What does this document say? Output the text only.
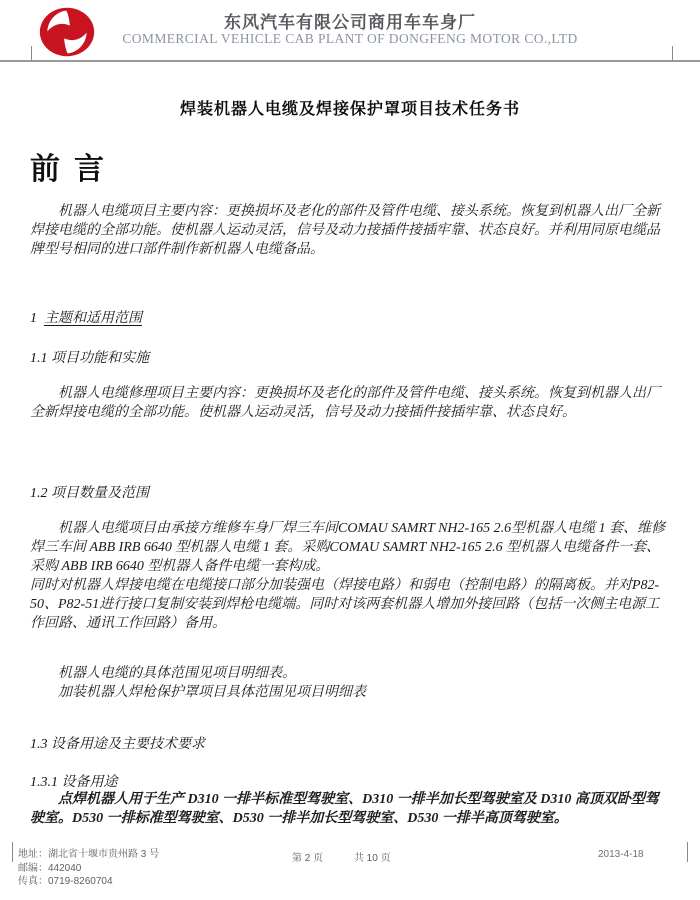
东风汽车有限公司商用车车身厂
COMMERCIAL VEHICLE CAB PLANT OF DONGFENG MOTOR CO.,LTD
焊装机器人电缆及焊接保护罩项目技术任务书
前言

机器人电缆项目主要内容：更换损坏及老化的部件及管件电缆、接头系统。恢复到机器人出厂全新焊接电缆的全部功能。使机器人运动灵活，信号及动力接插件接插牢靠、状态良好。并利用同原电缆品牌型号相同的进口部件制作新机器人电缆备品。

1 主题和适用范围
1.1 项目功能和实施

机器人电缆修理项目主要内容：更换损坏及老化的部件及管件电缆、接头系统。恢复到机器人出厂全新焊接电缆的全部功能。使机器人运动灵活，信号及动力接插件接插牢靠、状态良好。

1.2 项目数量及范围

机器人电缆项目由承接方维修车身厂焊三车间COMAU SAMRT NH2-165 2.6型机器人电缆 1 套、维修焊三车间 ABB IRB 6640 型机器人电缆 1 套。采购COMAU SAMRT NH2-165 2.6 型机器人电缆备件一套、采购 ABB IRB 6640 型机器人备件电缆一套构成。

同时对机器人焊接电缆在电缆接口部分加装强电（焊接电路）和弱电（控制电路）的隔离板。并对P82-50、P82-51进行接口复制安装到焊枪电缆端。同时对该两套机器人增加外接回路（包括一次侧主电源工作回路、通讯工作回路）备用。

机器人电缆的具体范围见项目明细表。

加装机器人焊枪保护罩项目具体范围见项目明细表

1.3 设备用途及主要技术要求
1.3.1 设备用途

点焊机器人用于生产 D310 一排半标准型驾驶室、D310 一排半加长型驾驶室及 D310 高顶双卧型驾驶室。D530 一排标准型驾驶室、D530 一排半加长型驾驶室、D530 一排半高顶驾驶室。

地址：湖北省十堰市贵州路 3 号
邮编：442040
传真：0719-8260704
第 2 页	共 10 页	2013-4-18
